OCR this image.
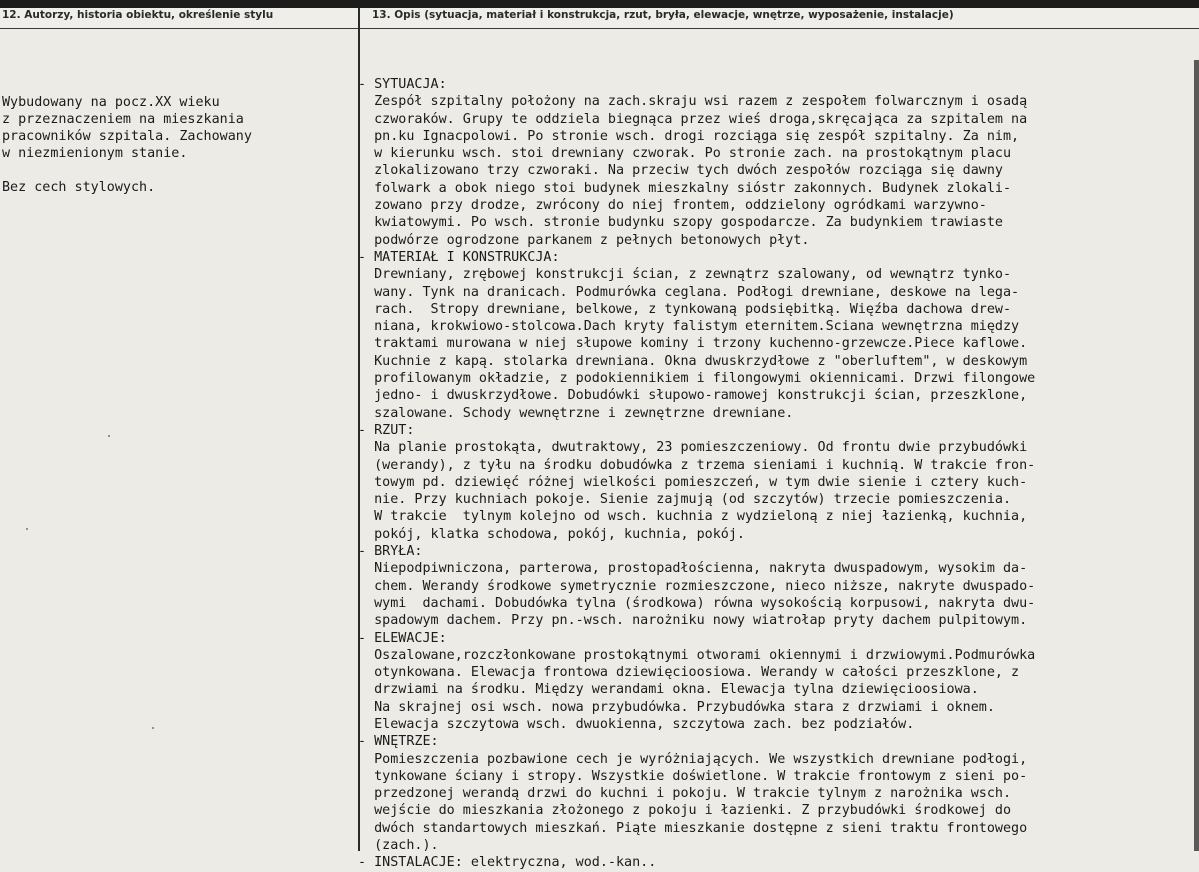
12. Autorzy, historia obiektu, określenie stylu	13. Opis (sytuacja, materiał i konstrukcja, rzut, bryła, elewacje, wnętrze, wyposażenie, instalacje)
Wybudowany na pocz.XX wieku
z przeznaczeniem na mieszkania
pracowników szpitala. Zachowany
w niezmienionym stanie.

Bez cech stylowych.
- SYTUACJA:
Zespół szpitalny położony na zach.skraju wsi razem z zespołem folwarcznym i osadą
czworaków. Grupy te oddziela biegnąca przez wieś droga,skręcająca za szpitalem na
pn.ku Ignacpolowi. Po stronie wsch. drogi rozciąga się zespół szpitalny. Za nim,
w kierunku wsch. stoi drewniany czworak. Po stronie zach. na prostokątnym placu
zlokalizowano trzy czworaki. Na przeciw tych dwóch zespołów rozciąga się dawny
folwark a obok niego stoi budynek mieszkalny sióstr zakonnych. Budynek zlokali-
zowano przy drodze, zwrócony do niej frontem, oddzielony ogródkami warzywno-
kwiatowymi. Po wsch. stronie budynku szopy gospodarcze. Za budynkiem trawiaste
podwórze ogrodzone parkanem z pełnych betonowych płyt.
- MATERIAŁ I KONSTRUKCJA:
Drewniany, zrębowej konstrukcji ścian, z zewnątrz szalowany, od wewnątrz tynko-
wany. Tynk na dranicach. Podmurówka ceglana. Podłogi drewniane, deskowe na lega-
rach.  Stropy drewniane, belkowe, z tynkowaną podsiębitką. Więźba dachowa drew-
niana, krokwiowo-stolcowa.Dach kryty falistym eternitem.Sciana wewnętrzna między
traktami murowana w niej słupowe kominy i trzony kuchenno-grzewcze.Piece kaflowe.
Kuchnie z kapą. stolarka drewniana. Okna dwuskrzydłowe z "oberluftem", w deskowym
profilowanym okładzie, z podokiennikiem i filongowymi okiennicami. Drzwi filongowe
jedno- i dwuskrzydłowe. Dobudówki słupowo-ramowej konstrukcji ścian, przeszklone,
szalowane. Schody wewnętrzne i zewnętrzne drewniane.
- RZUT:
Na planie prostokąta, dwutraktowy, 23 pomieszczeniowy. Od frontu dwie przybudówki
(werandy), z tyłu na środku dobudówka z trzema sieniami i kuchnią. W trakcie fron-
towym pd. dziewięć różnej wielkości pomieszczeń, w tym dwie sienie i cztery kuch-
nie. Przy kuchniach pokoje. Sienie zajmują (od szczytów) trzecie pomieszczenia.
W trakcie  tylnym kolejno od wsch. kuchnia z wydzieloną z niej łazienką, kuchnia,
pokój, klatka schodowa, pokój, kuchnia, pokój.
- BRYŁA:
Niepodpiwniczona, parterowa, prostopadłościenna, nakryta dwuspadowym, wysokim da-
chem. Werandy środkowe symetrycznie rozmieszczone, nieco niższe, nakryte dwuspado-
wymi  dachami. Dobudówka tylna (środkowa) równa wysokością korpusowi, nakryta dwu-
spadowym dachem. Przy pn.-wsch. narożniku nowy wiatrołap pryty dachem pulpitowym.
- ELEWACJE:
Oszalowane,rozczłonkowane prostokątnymi otworami okiennymi i drzwiowymi.Podmurówka
otynkowana. Elewacja frontowa dziewięcioosiowa. Werandy w całości przeszklone, z
drzwiami na środku. Między werandami okna. Elewacja tylna dziewięcioosiowa.
Na skrajnej osi wsch. nowa przybudówka. Przybudówka stara z drzwiami i oknem.
Elewacja szczytowa wsch. dwuokienna, szczytowa zach. bez podziałów.
- WNĘTRZE:
Pomieszczenia pozbawione cech je wyróżniających. We wszystkich drewniane podłogi,
tynkowane ściany i stropy. Wszystkie doświetlone. W trakcie frontowym z sieni po-
przedzonej werandą drzwi do kuchni i pokoju. W trakcie tylnym z narożnika wsch.
wejście do mieszkania złożonego z pokoju i łazienki. Z przybudówki środkowej do
dwóch standartowych mieszkań. Piąte mieszkanie dostępne z sieni traktu frontowego
(zach.).
- INSTALACJE: elektryczna, wod.-kan..
